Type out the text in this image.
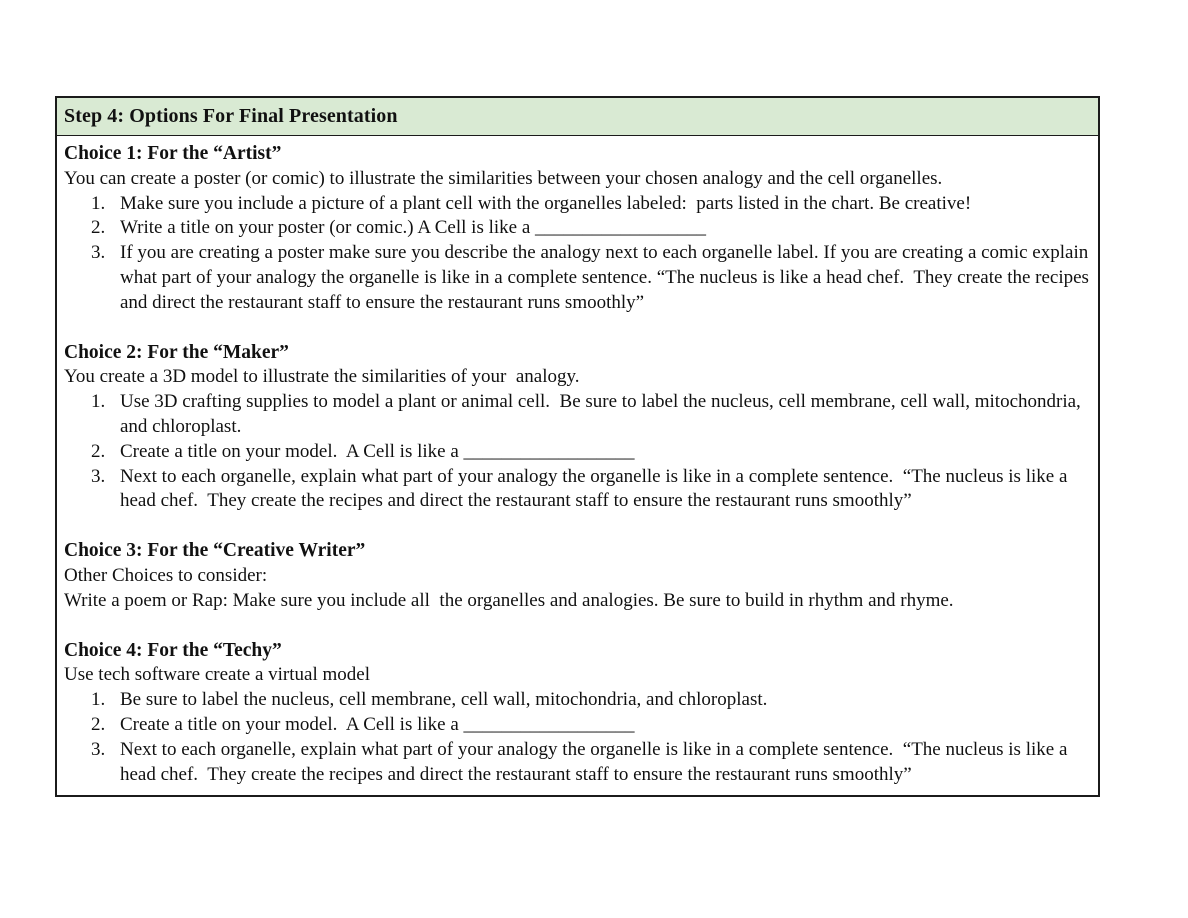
Step 4: Options For Final Presentation
Choice 1: For the “Artist”
You can create a poster (or comic) to illustrate the similarities between your chosen analogy and the cell organelles.
1. Make sure you include a picture of a plant cell with the organelles labeled:  parts listed in the chart. Be creative!
2. Write a title on your poster (or comic.) A Cell is like a __________________
3. If you are creating a poster make sure you describe the analogy next to each organelle label. If you are creating a comic explain what part of your analogy the organelle is like in a complete sentence. “The nucleus is like a head chef.  They create the recipes and direct the restaurant staff to ensure the restaurant runs smoothly”
Choice 2: For the “Maker”
You create a 3D model to illustrate the similarities of your  analogy.
1. Use 3D crafting supplies to model a plant or animal cell.  Be sure to label the nucleus, cell membrane, cell wall, mitochondria, and chloroplast.
2. Create a title on your model.  A Cell is like a __________________
3. Next to each organelle, explain what part of your analogy the organelle is like in a complete sentence.  “The nucleus is like a head chef.  They create the recipes and direct the restaurant staff to ensure the restaurant runs smoothly”
Choice 3: For the “Creative Writer”
Other Choices to consider:
Write a poem or Rap: Make sure you include all  the organelles and analogies. Be sure to build in rhythm and rhyme.
Choice 4: For the “Techy”
Use tech software create a virtual model
1. Be sure to label the nucleus, cell membrane, cell wall, mitochondria, and chloroplast.
2. Create a title on your model.  A Cell is like a __________________
3. Next to each organelle, explain what part of your analogy the organelle is like in a complete sentence.  “The nucleus is like a head chef.  They create the recipes and direct the restaurant staff to ensure the restaurant runs smoothly”
